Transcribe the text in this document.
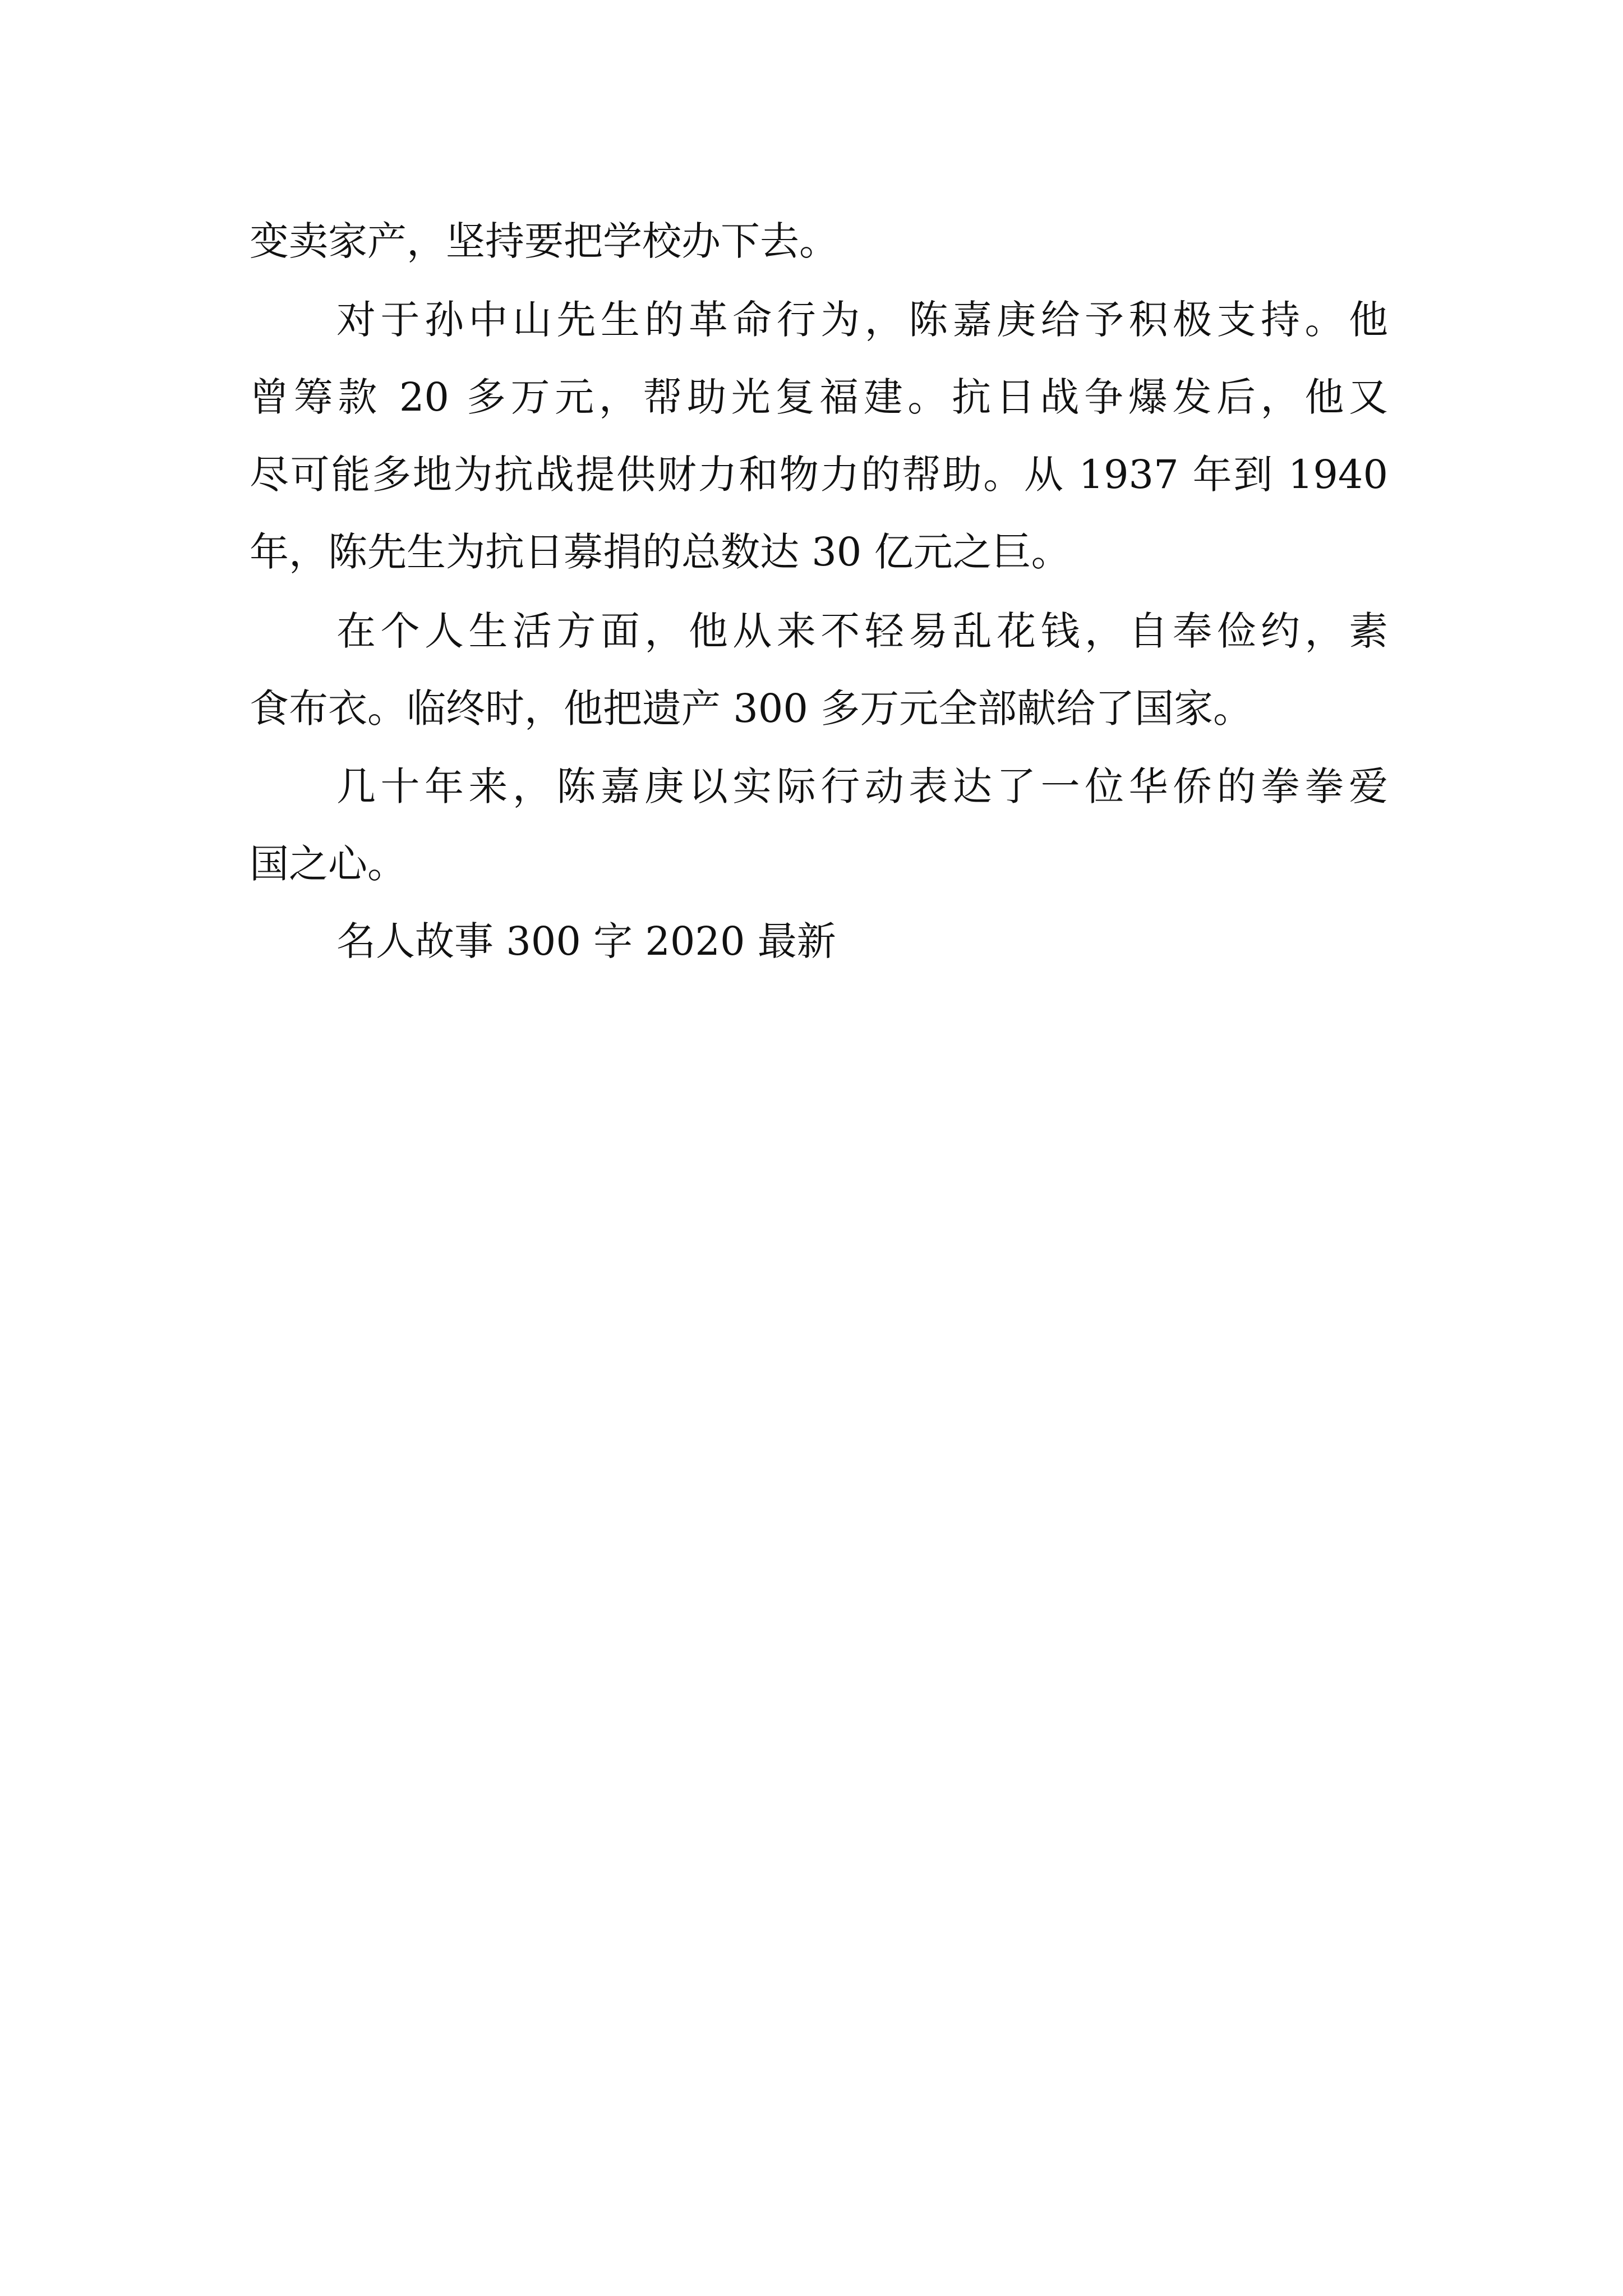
变卖家产，坚持要把学校办下去。
对于孙中山先生的革命行为，陈嘉庚给予积极支持。他
曾筹款 20 多万元，帮助光复福建。抗日战争爆发后，他又
尽可能多地为抗战提供财力和物力的帮助。从 1937 年到 1940
年，陈先生为抗日募捐的总数达 30 亿元之巨。
在个人生活方面，他从来不轻易乱花钱，自奉俭约，素
食布衣。临终时，他把遗产 300 多万元全部献给了国家。
几十年来，陈嘉庚以实际行动表达了一位华侨的拳拳爱
国之心。
名人故事 300 字 2020 最新
